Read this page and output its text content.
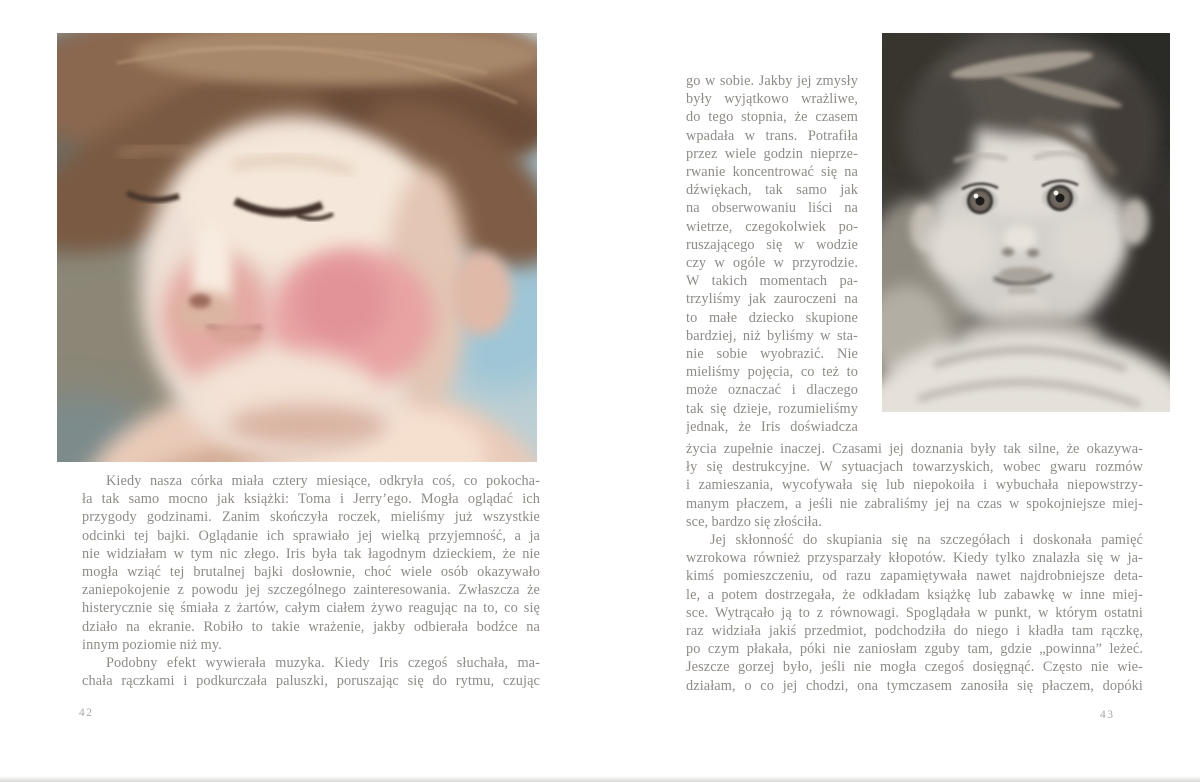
Kiedy nasza córka miała cztery miesiące, odkryła coś, co pokocha-
ła tak samo mocno jak książki: Toma i Jerry’ego. Mogła oglądać ich
przygody godzinami. Zanim skończyła roczek, mieliśmy już wszystkie
odcinki tej bajki. Oglądanie ich sprawiało jej wielką przyjemność, a ja
nie widziałam w tym nic złego. Iris była tak łagodnym dzieckiem, że nie
mogła wziąć tej brutalnej bajki dosłownie, choć wiele osób okazywało
zaniepokojenie z powodu jej szczególnego zainteresowania. Zwłaszcza że
histerycznie się śmiała z żartów, całym ciałem żywo reagując na to, co się
działo na ekranie. Robiło to takie wrażenie, jakby odbierała bodźce na
innym poziomie niż my.
Podobny efekt wywierała muzyka. Kiedy Iris czegoś słuchała, ma-
chała rączkami i podkurczała paluszki, poruszając się do rytmu, czując
42
go w sobie. Jakby jej zmysły
były wyjątkowo wrażliwe,
do tego stopnia, że czasem
wpadała w trans. Potrafiła
przez wiele godzin nieprze-
rwanie koncentrować się na
dźwiękach, tak samo jak
na obserwowaniu liści na
wietrze, czegokolwiek po-
ruszającego się w wodzie
czy w ogóle w przyrodzie.
W takich momentach pa-
trzyliśmy jak zauroczeni na
to małe dziecko skupione
bardziej, niż byliśmy w sta-
nie sobie wyobrazić. Nie
mieliśmy pojęcia, co też to
może oznaczać i dlaczego
tak się dzieje, rozumieliśmy
jednak, że Iris doświadcza
życia zupełnie inaczej. Czasami jej doznania były tak silne, że okazywa-
ły się destrukcyjne. W sytuacjach towarzyskich, wobec gwaru rozmów
i zamieszania, wycofywała się lub niepokoiła i wybuchała niepowstrzy-
manym płaczem, a jeśli nie zabraliśmy jej na czas w spokojniejsze miej-
sce, bardzo się złościła.
Jej skłonność do skupiania się na szczegółach i doskonała pamięć
wzrokowa również przysparzały kłopotów. Kiedy tylko znalazła się w ja-
kimś pomieszczeniu, od razu zapamiętywała nawet najdrobniejsze deta-
le, a potem dostrzegała, że odkładam książkę lub zabawkę w inne miej-
sce. Wytrącało ją to z równowagi. Spoglądała w punkt, w którym ostatni
raz widziała jakiś przedmiot, podchodziła do niego i kładła tam rączkę,
po czym płakała, póki nie zaniosłam zguby tam, gdzie „powinna” leżeć.
Jeszcze gorzej było, jeśli nie mogła czegoś dosięgnąć. Często nie wie-
działam, o co jej chodzi, ona tymczasem zanosiła się płaczem, dopóki
43
